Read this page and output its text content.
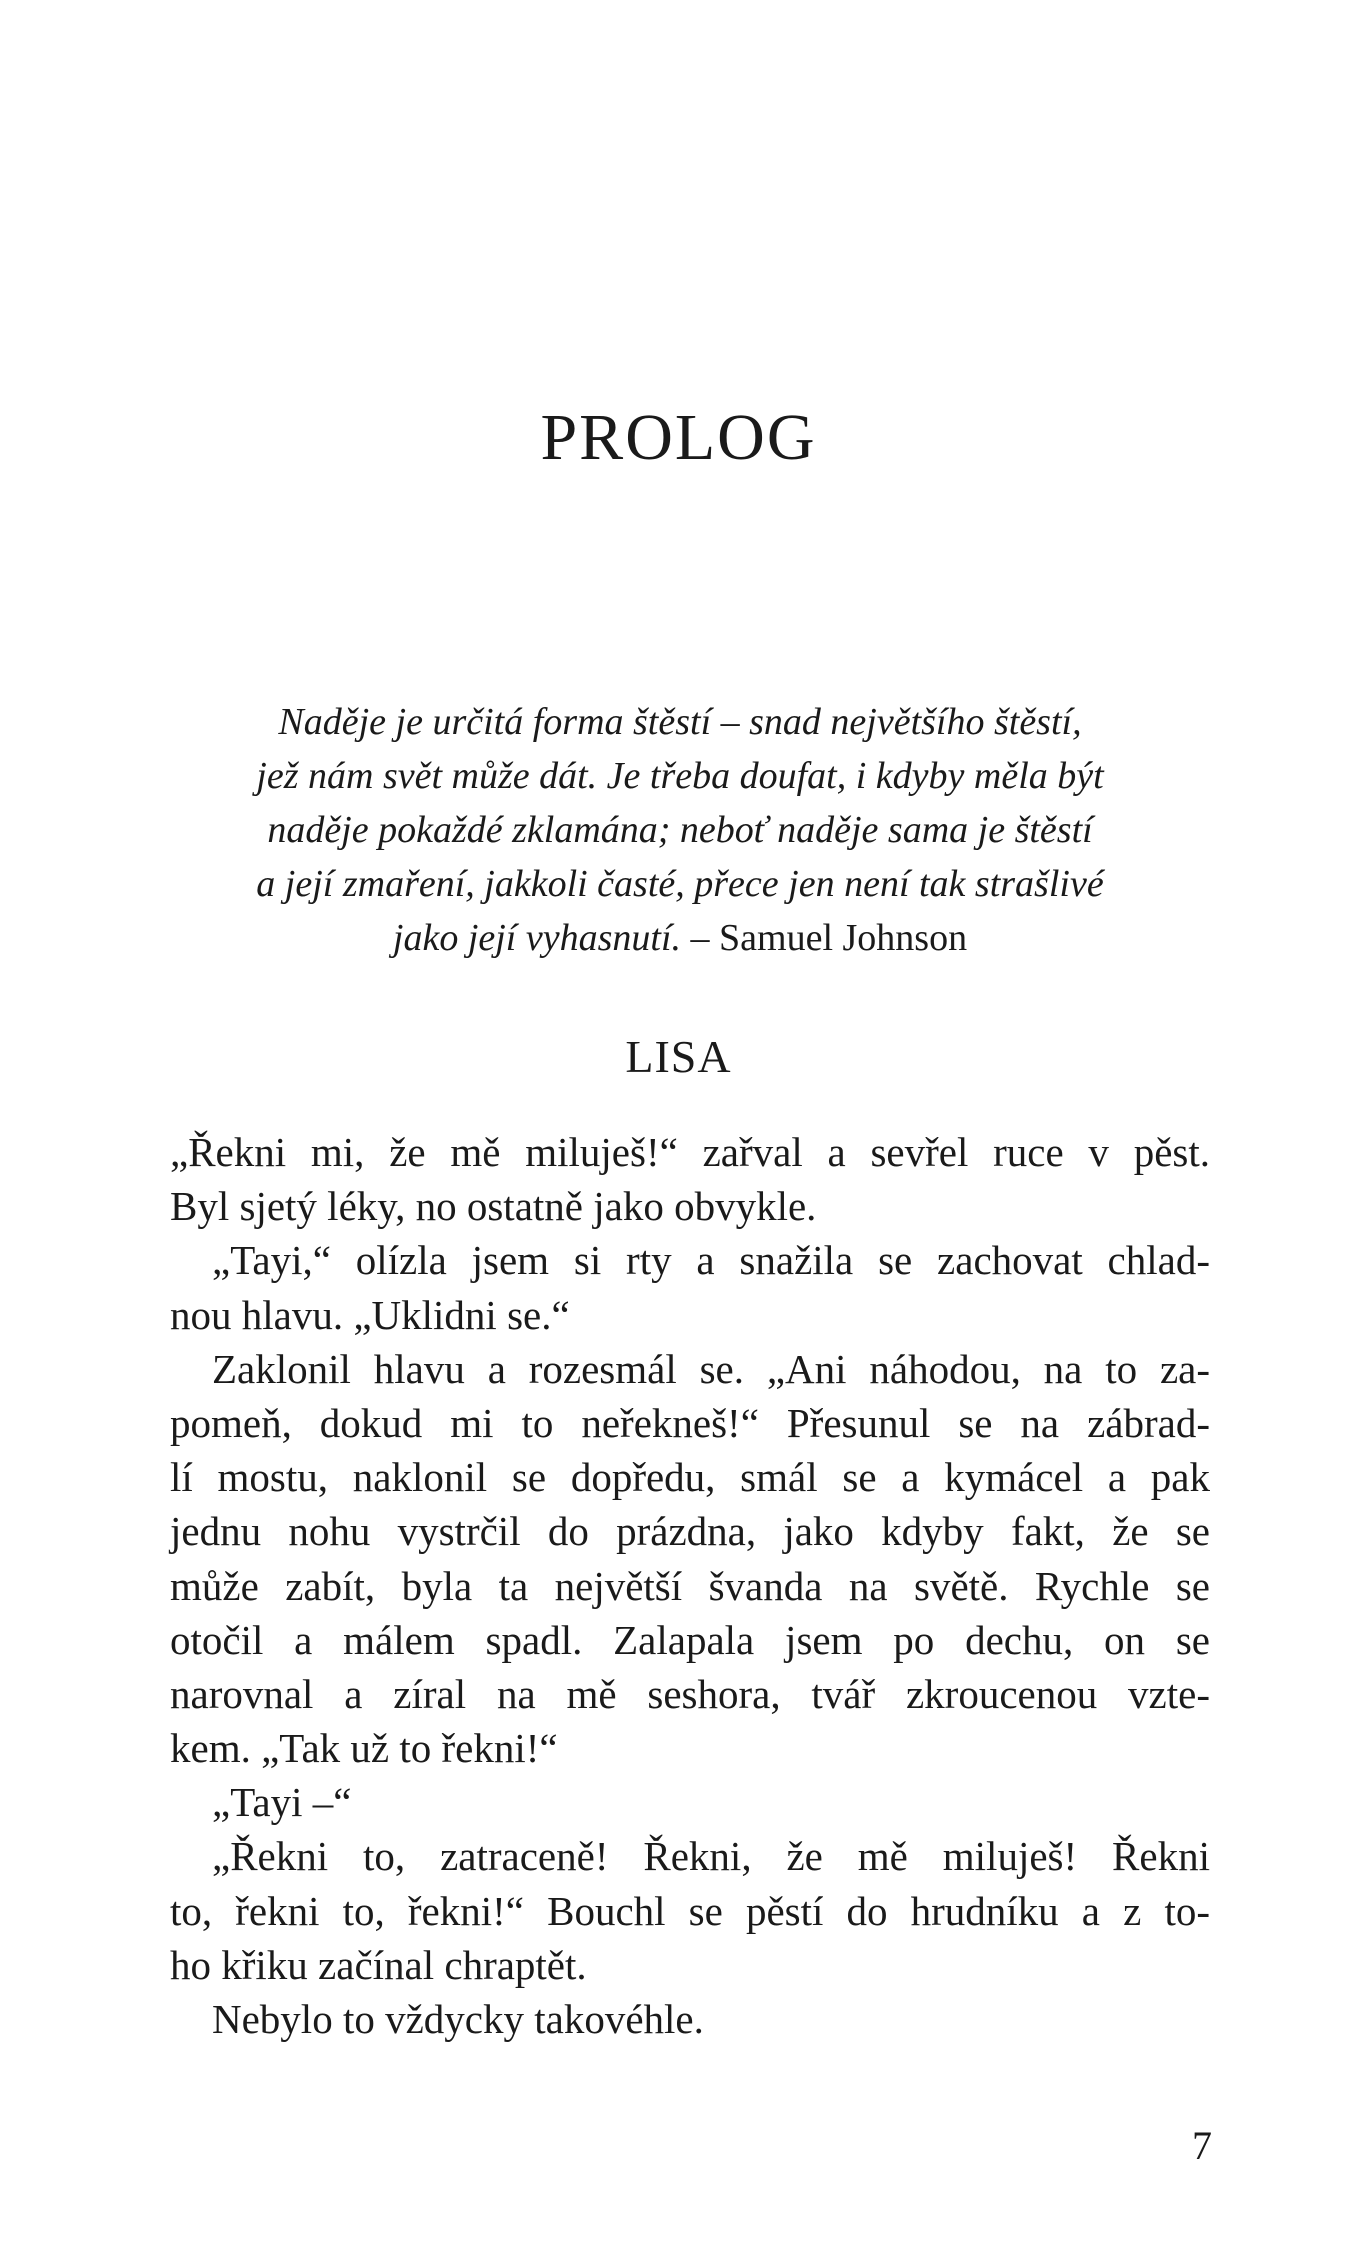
PROLOG
Naděje je určitá forma štěstí – snad největšího štěstí,
jež nám svět může dát. Je třeba doufat, i kdyby měla být
naděje pokaždé zklamána; neboť naděje sama je štěstí
a její zmaření, jakkoli časté, přece jen není tak strašlivé
jako její vyhasnutí. – Samuel Johnson
LISA
„Řekni mi, že mě miluješ!“ zařval a sevřel ruce v pěst.
Byl sjetý léky, no ostatně jako obvykle.
„Tayi,“ olízla jsem si rty a snažila se zachovat chlad-
nou hlavu. „Uklidni se.“
Zaklonil hlavu a rozesmál se. „Ani náhodou, na to za-
pomeň, dokud mi to neřekneš!“ Přesunul se na zábrad-
lí mostu, naklonil se dopředu, smál se a kymácel a pak
jednu nohu vystrčil do prázdna, jako kdyby fakt, že se
může zabít, byla ta největší švanda na světě. Rychle se
otočil a málem spadl. Zalapala jsem po dechu, on se
narovnal a zíral na mě seshora, tvář zkroucenou vzte-
kem. „Tak už to řekni!“
„Tayi –“
„Řekni to, zatraceně! Řekni, že mě miluješ! Řekni
to, řekni to, řekni!“ Bouchl se pěstí do hrudníku a z to-
ho křiku začínal chraptět.
Nebylo to vždycky takovéhle.
7
